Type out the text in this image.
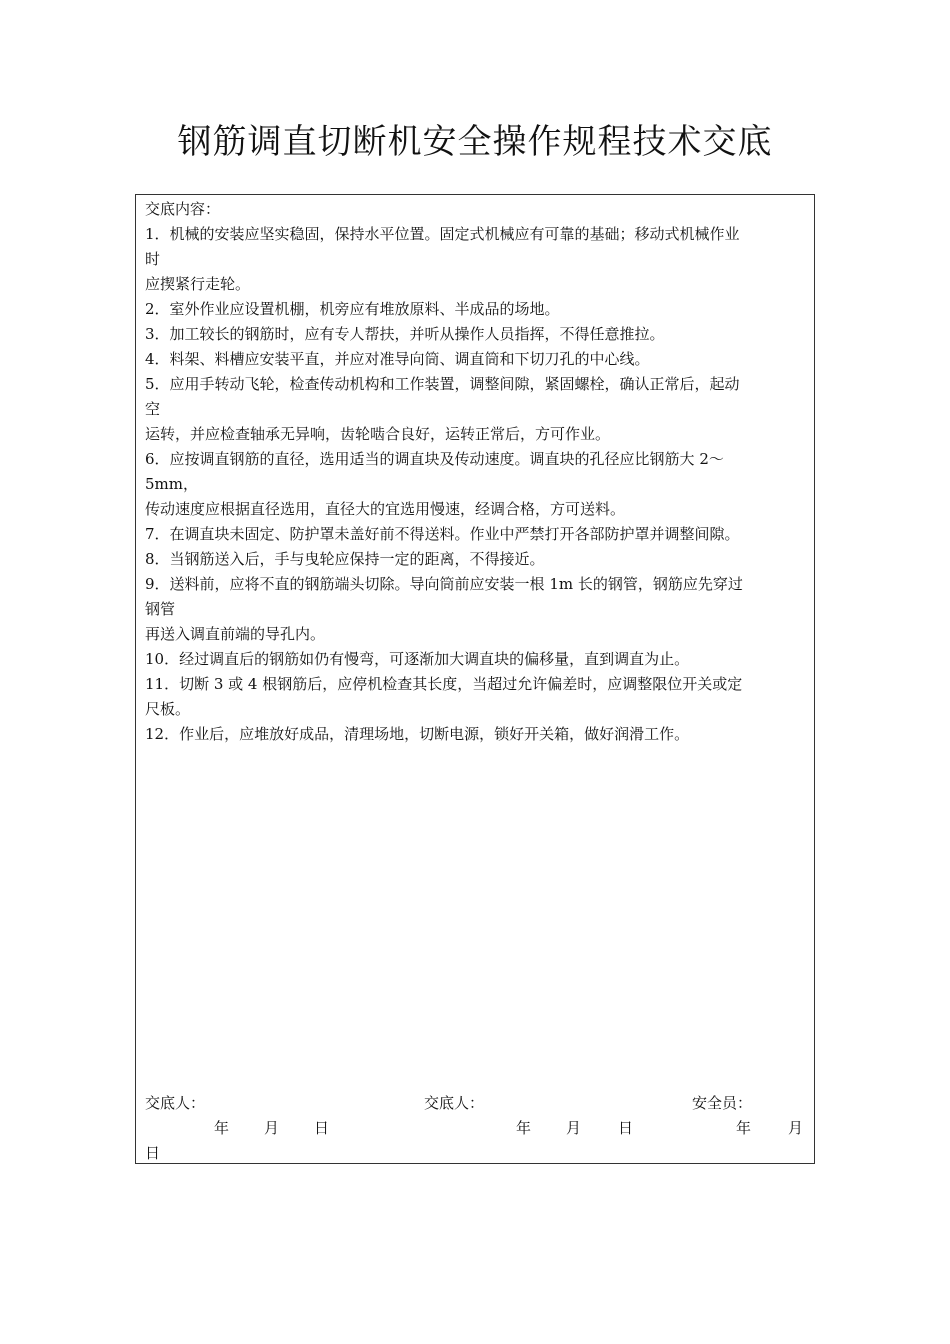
钢筋调直切断机安全操作规程技术交底
交底内容：
1．机械的安装应坚实稳固，保持水平位置。固定式机械应有可靠的基础；移动式机械作业
时
应揳紧行走轮。
2．室外作业应设置机棚，机旁应有堆放原料、半成品的场地。
3．加工较长的钢筋时，应有专人帮扶，并听从操作人员指挥，不得任意推拉。
4．料架、料槽应安装平直，并应对准导向筒、调直筒和下切刀孔的中心线。
5．应用手转动飞轮，检查传动机构和工作装置，调整间隙，紧固螺栓，确认正常后，起动
空
运转，并应检查轴承无异响，齿轮啮合良好，运转正常后，方可作业。
6．应按调直钢筋的直径，选用适当的调直块及传动速度。调直块的孔径应比钢筋大 2～
5mm，
传动速度应根据直径选用，直径大的宜选用慢速，经调合格，方可送料。
7．在调直块未固定、防护罩未盖好前不得送料。作业中严禁打开各部防护罩并调整间隙。
8．当钢筋送入后，手与曳轮应保持一定的距离，不得接近。
9．送料前，应将不直的钢筋端头切除。导向筒前应安装一根 1m 长的钢管，钢筋应先穿过
钢管
再送入调直前端的导孔内。
10．经过调直后的钢筋如仍有慢弯，可逐渐加大调直块的偏移量，直到调直为止。
11．切断 3 或 4 根钢筋后，应停机检查其长度，当超过允许偏差时，应调整限位开关或定
尺板。
12．作业后，应堆放好成品，清理场地，切断电源，锁好开关箱，做好润滑工作。
交底人：	交底人：	安全员：
年 月 日	年 月 日	年 月
日
